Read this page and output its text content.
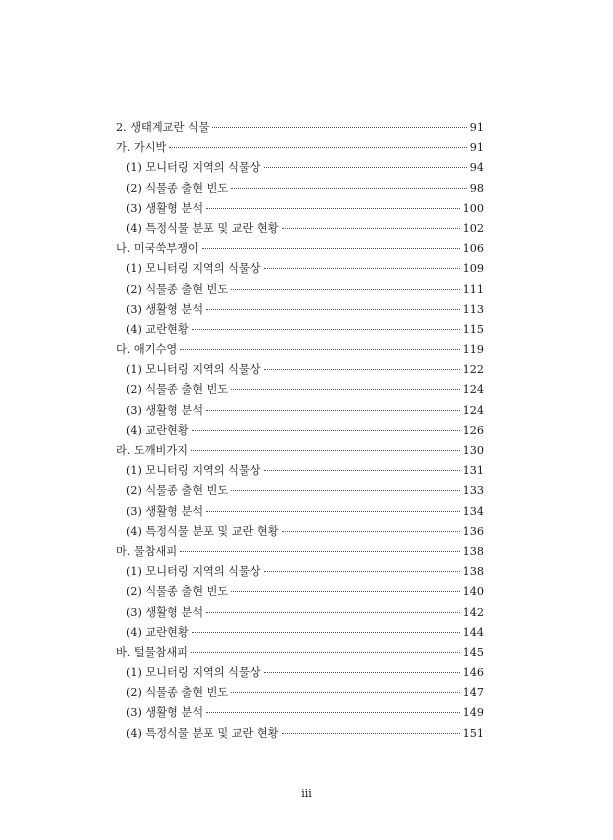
2. 생태계교란 식물	91
가. 가시박	91
(1) 모니터링 지역의 식물상	94
(2) 식물종 출현 빈도	98
(3) 생활형 분석	100
(4) 특정식물 분포 및 교란 현황	102
나. 미국쑥부쟁이	106
(1) 모니터링 지역의 식물상	109
(2) 식물종 출현 빈도	111
(3) 생활형 분석	113
(4) 교란현황	115
다. 애기수영	119
(1) 모니터링 지역의 식물상	122
(2) 식물종 출현 빈도	124
(3) 생활형 분석	124
(4) 교란현황	126
라. 도깨비가지	130
(1) 모니터링 지역의 식물상	131
(2) 식물종 출현 빈도	133
(3) 생활형 분석	134
(4) 특정식물 분포 및 교란 현황	136
마. 물참새피	138
(1) 모니터링 지역의 식물상	138
(2) 식물종 출현 빈도	140
(3) 생활형 분석	142
(4) 교란현황	144
바. 털물참새피	145
(1) 모니터링 지역의 식물상	146
(2) 식물종 출현 빈도	147
(3) 생활형 분석	149
(4) 특정식물 분포 및 교란 현황	151
iii
